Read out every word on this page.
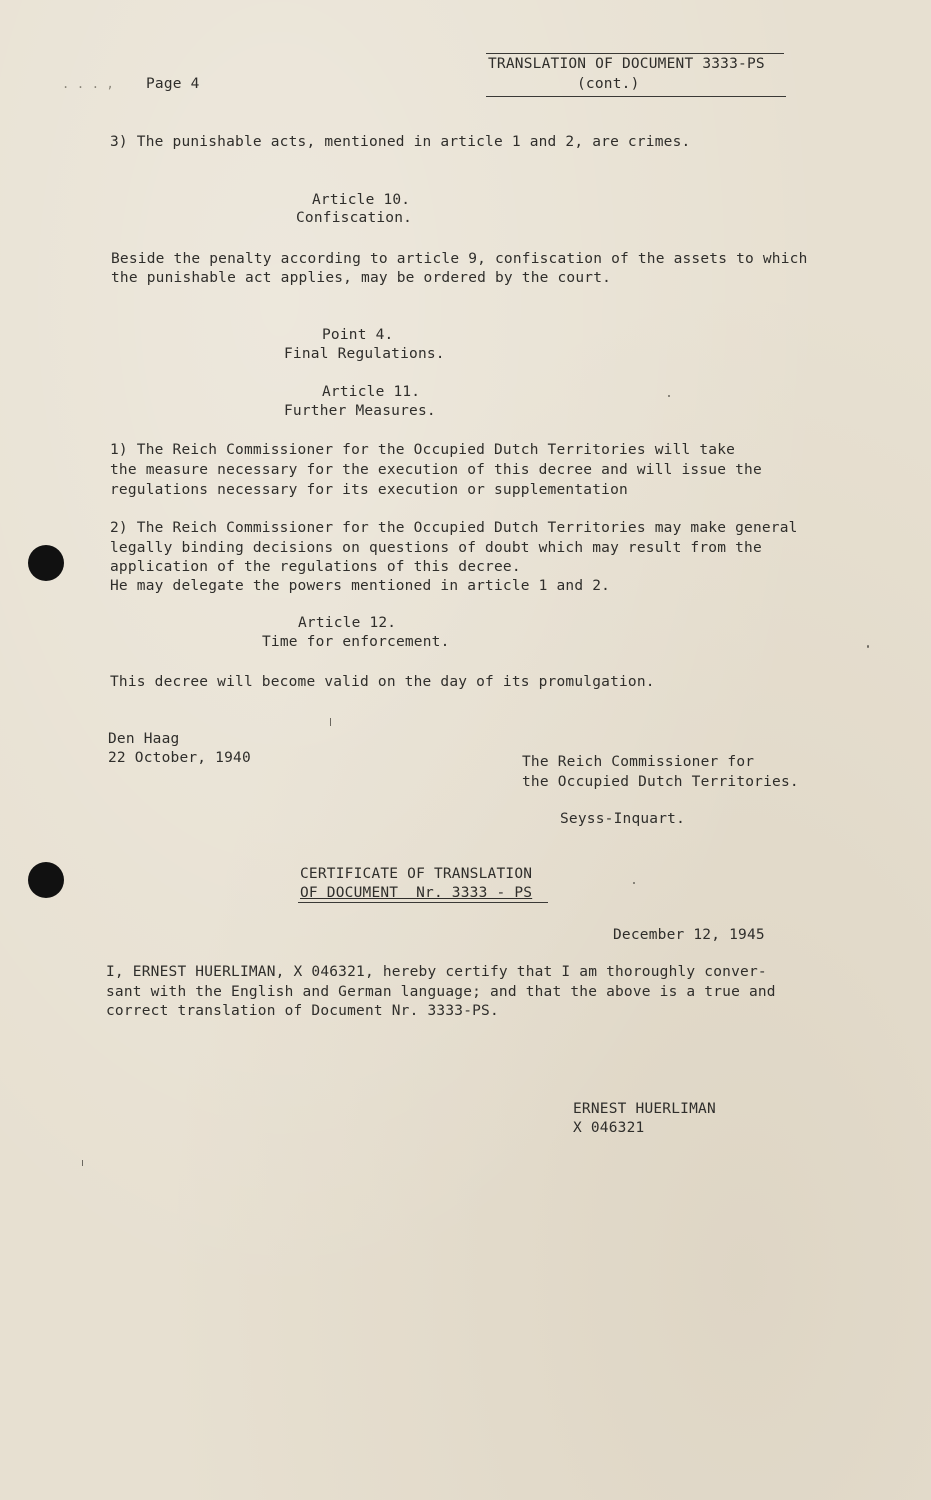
. . . ‚ Page 4
TRANSLATION OF DOCUMENT 3333-PS
(cont.)
3) The punishable acts, mentioned in article 1 and 2, are crimes.
Article 10.
Confiscation.
Beside the penalty according to article 9, confiscation of the assets to which
the punishable act applies, may be ordered by the court.
Point 4.
Final Regulations.
Article 11.
Further Measures.
1) The Reich Commissioner for the Occupied Dutch Territories will take
the measure necessary for the execution of this decree and will issue the
regulations necessary for its execution or supplementation
2) The Reich Commissioner for the Occupied Dutch Territories may make general
legally binding decisions on questions of doubt which may result from the
application of the regulations of this decree.
He may delegate the powers mentioned in article 1 and 2.
Article 12.
Time for enforcement.
This decree will become valid on the day of its promulgation.
Den Haag
22 October, 1940	The Reich Commissioner for
the Occupied Dutch Territories.
Seyss-Inquart.
CERTIFICATE OF TRANSLATION
OF DOCUMENT  Nr. 3333 - PS
December 12, 1945
I, ERNEST HUERLIMAN, X 046321, hereby certify that I am thoroughly conver-
sant with the English and German language; and that the above is a true and
correct translation of Document Nr. 3333-PS.
ERNEST HUERLIMAN
X 046321
